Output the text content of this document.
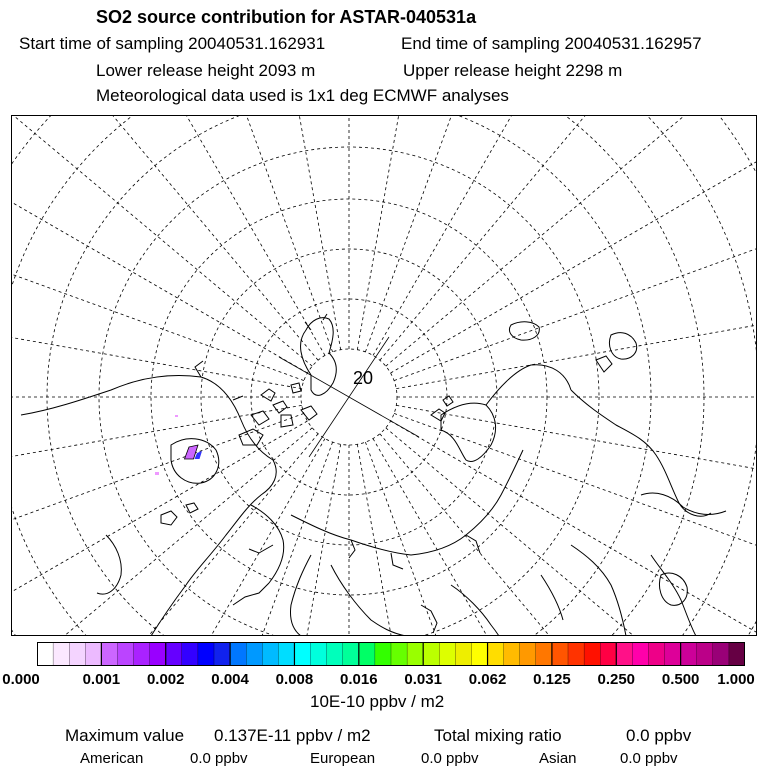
SO2 source contribution for ASTAR-040531a
Start time of sampling 20040531.162931	End time of sampling 20040531.162957
Lower release height 2093 m	Upper release height 2298 m
Meteorological data used is 1x1 deg ECMWF analyses
20
0.000	0.001 0.002 0.004 0.008 0.016 0.031 0.062 0.125 0.250 0.500 1.000
10E-10 ppbv / m2
Maximum value 0.137E-11 ppbv / m2	Total mixing ratio	0.0 ppbv
American	0.0 ppbv	European	0.0 ppbv	Asian	0.0 ppbv
